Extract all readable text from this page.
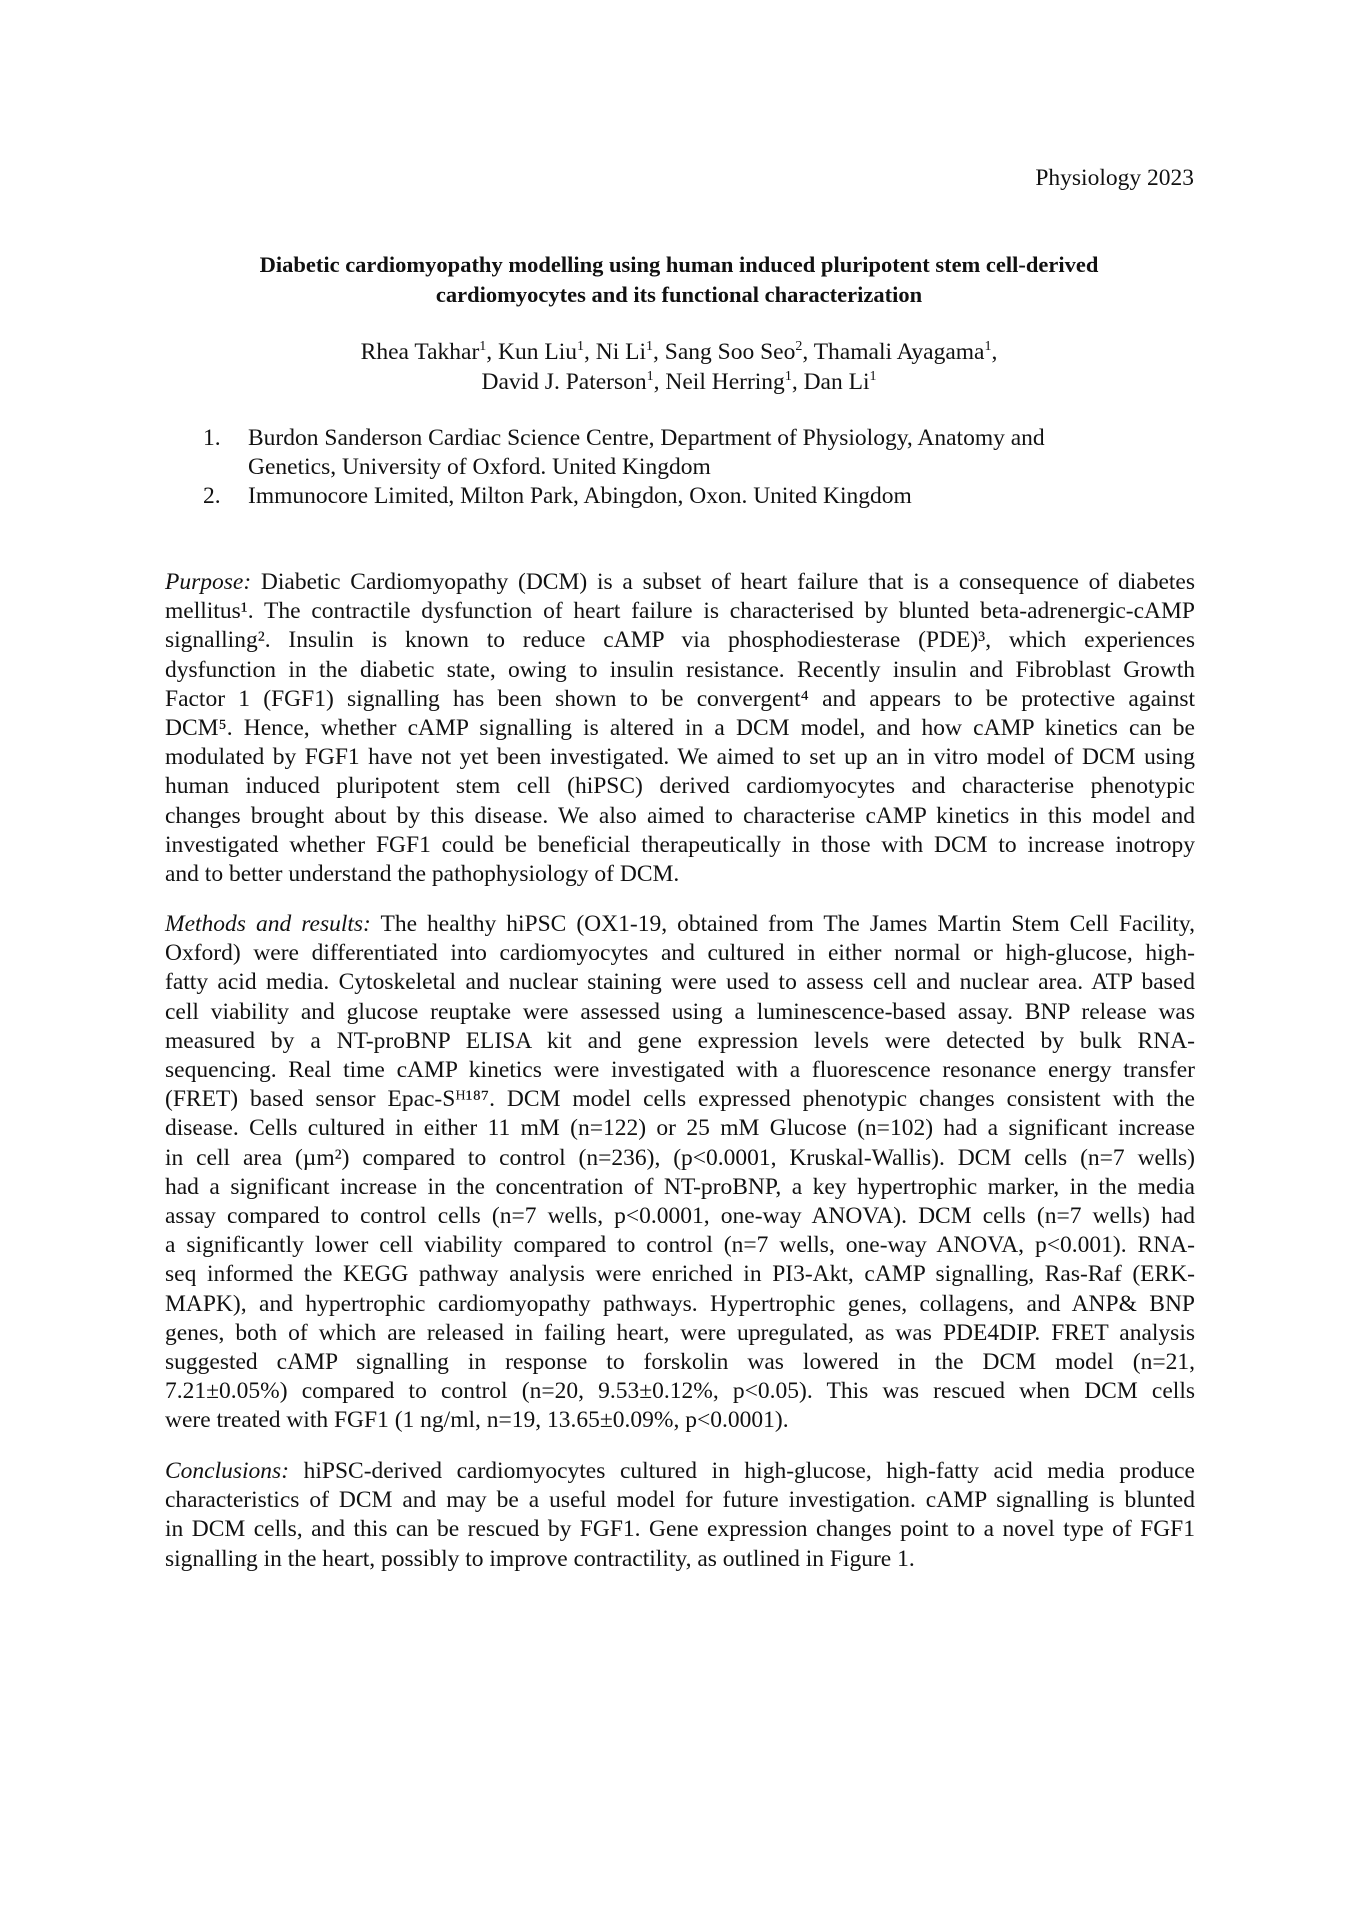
Physiology 2023
Diabetic cardiomyopathy modelling using human induced pluripotent stem cell-derived
cardiomyocytes and its functional characterization
Rhea Takhar$^1$, Kun Liu$^1$, Ni Li$^1$, Sang Soo Seo$^2$, Thamali Ayagama$^1$,
David J. Paterson$^1$, Neil Herring$^1$, Dan Li$^1$
1. Burdon Sanderson Cardiac Science Centre, Department of Physiology, Anatomy and
Genetics, University of Oxford. United Kingdom
2. Immunocore Limited, Milton Park, Abingdon, Oxon. United Kingdom
Purpose: Diabetic Cardiomyopathy (DCM) is a subset of heart failure that is a consequence of diabetes
mellitus¹. The contractile dysfunction of heart failure is characterised by blunted beta-adrenergic-cAMP
signalling². Insulin is known to reduce cAMP via phosphodiesterase (PDE)³, which experiences
dysfunction in the diabetic state, owing to insulin resistance. Recently insulin and Fibroblast Growth
Factor 1 (FGF1) signalling has been shown to be convergent⁴ and appears to be protective against
DCM⁵. Hence, whether cAMP signalling is altered in a DCM model, and how cAMP kinetics can be
modulated by FGF1 have not yet been investigated. We aimed to set up an in vitro model of DCM using
human induced pluripotent stem cell (hiPSC) derived cardiomyocytes and characterise phenotypic
changes brought about by this disease. We also aimed to characterise cAMP kinetics in this model and
investigated whether FGF1 could be beneficial therapeutically in those with DCM to increase inotropy
and to better understand the pathophysiology of DCM.
Methods and results: The healthy hiPSC (OX1-19, obtained from The James Martin Stem Cell Facility,
Oxford) were differentiated into cardiomyocytes and cultured in either normal or high-glucose, high-
fatty acid media. Cytoskeletal and nuclear staining were used to assess cell and nuclear area. ATP based
cell viability and glucose reuptake were assessed using a luminescence-based assay. BNP release was
measured by a NT-proBNP ELISA kit and gene expression levels were detected by bulk RNA-
sequencing. Real time cAMP kinetics were investigated with a fluorescence resonance energy transfer
(FRET) based sensor Epac-Sᴴ¹⁸⁷. DCM model cells expressed phenotypic changes consistent with the
disease. Cells cultured in either 11 mM (n=122) or 25 mM Glucose (n=102) had a significant increase
in cell area (µm²) compared to control (n=236), (p<0.0001, Kruskal-Wallis). DCM cells (n=7 wells)
had a significant increase in the concentration of NT-proBNP, a key hypertrophic marker, in the media
assay compared to control cells (n=7 wells, p<0.0001, one-way ANOVA). DCM cells (n=7 wells) had
a significantly lower cell viability compared to control (n=7 wells, one-way ANOVA, p<0.001). RNA-
seq informed the KEGG pathway analysis were enriched in PI3-Akt, cAMP signalling, Ras-Raf (ERK-
MAPK), and hypertrophic cardiomyopathy pathways. Hypertrophic genes, collagens, and ANP& BNP
genes, both of which are released in failing heart, were upregulated, as was PDE4DIP. FRET analysis
suggested cAMP signalling in response to forskolin was lowered in the DCM model (n=21,
7.21±0.05%) compared to control (n=20, 9.53±0.12%, p<0.05). This was rescued when DCM cells
were treated with FGF1 (1 ng/ml, n=19, 13.65±0.09%, p<0.0001).
Conclusions: hiPSC-derived cardiomyocytes cultured in high-glucose, high-fatty acid media produce
characteristics of DCM and may be a useful model for future investigation. cAMP signalling is blunted
in DCM cells, and this can be rescued by FGF1. Gene expression changes point to a novel type of FGF1
signalling in the heart, possibly to improve contractility, as outlined in Figure 1.
